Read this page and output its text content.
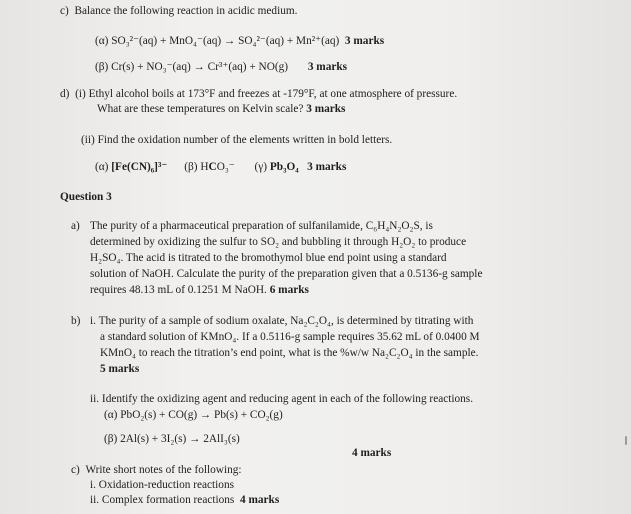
c) Balance the following reaction in acidic medium.
(α) SO₃²⁻(aq) + MnO₄⁻(aq) → SO₄²⁻(aq) + Mn²⁺(aq) 3 marks
(β) Cr(s) + NO₃⁻(aq) → Cr³⁺(aq) + NO(g) 3 marks
d) (i) Ethyl alcohol boils at 173°F and freezes at -179°F, at one atmosphere of pressure.
What are these temperatures on Kelvin scale? 3 marks
(ii) Find the oxidation number of the elements written in bold letters.
(α) [Fe(CN)₆]³⁻ (β) HCO₃⁻ (γ) Pb₃O₄ 3 marks
Question 3
a) The purity of a pharmaceutical preparation of sulfanilamide, C₆H₄N₂O₂S, is
determined by oxidizing the sulfur to SO₂ and bubbling it through H₂O₂ to produce
H₂SO₄. The acid is titrated to the bromothymol blue end point using a standard
solution of NaOH. Calculate the purity of the preparation given that a 0.5136-g sample
requires 48.13 mL of 0.1251 M NaOH. 6 marks
b) i. The purity of a sample of sodium oxalate, Na₂C₂O₄, is determined by titrating with
a standard solution of KMnO₄. If a 0.5116-g sample requires 35.62 mL of 0.0400 M
KMnO₄ to reach the titration’s end point, what is the %w/w Na₂C₂O₄ in the sample.
5 marks
ii. Identify the oxidizing agent and reducing agent in each of the following reactions.
(α) PbO₂(s) + CO(g) → Pb(s) + CO₂(g)
(β) 2Al(s) + 3I₂(s) → 2AlI₃(s)
4 marks
c) Write short notes of the following:
i. Oxidation-reduction reactions
ii. Complex formation reactions 4 marks
